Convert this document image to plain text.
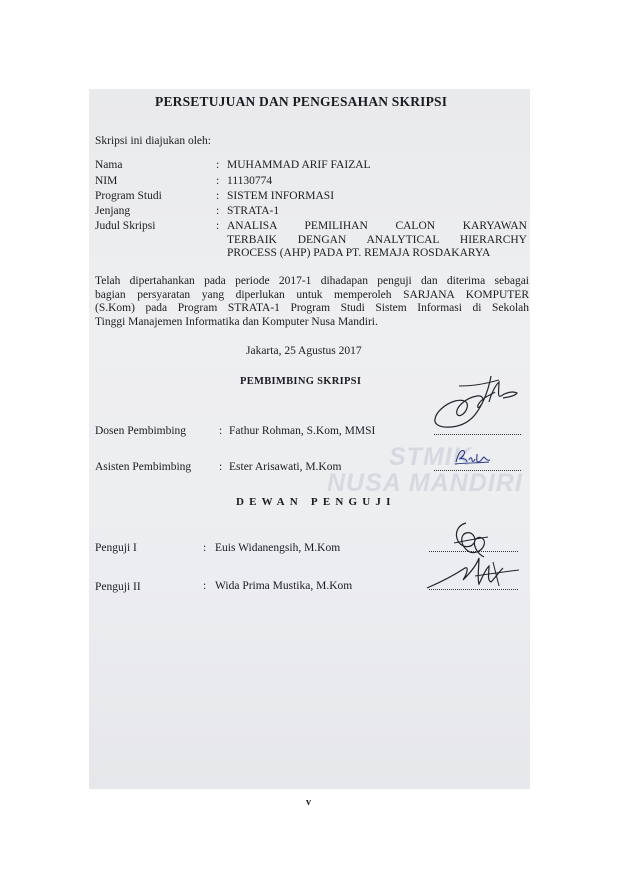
PERSETUJUAN DAN PENGESAHAN SKRIPSI
Skripsi ini diajukan oleh:
Nama	: MUHAMMAD ARIF FAIZAL
NIM	: 11130774
Program Studi	: SISTEM INFORMASI
Jenjang	: STRATA-1
Judul Skripsi	: ANALISA PEMILIHAN CALON KARYAWAN
TERBAIK DENGAN ANALYTICAL HIERARCHY
PROCESS (AHP) PADA PT. REMAJA ROSDAKARYA
Telah dipertahankan pada periode 2017-1 dihadapan penguji dan diterima sebagai
bagian persyaratan yang diperlukan untuk memperoleh SARJANA KOMPUTER
(S.Kom) pada Program STRATA-1 Program Studi Sistem Informasi di Sekolah
Tinggi Manajemen Informatika dan Komputer Nusa Mandiri.
Jakarta, 25 Agustus 2017
STMIK
NUSA MANDIRI
PEMBIMBING SKRIPSI
Dosen Pembimbing	: Fathur Rohman, S.Kom, MMSI
Asisten Pembimbing : Ester Arisawati, M.Kom
DEWAN PENGUJI
Penguji I	: Euis Widanengsih, M.Kom
Penguji II	: Wida Prima Mustika, M.Kom
v
